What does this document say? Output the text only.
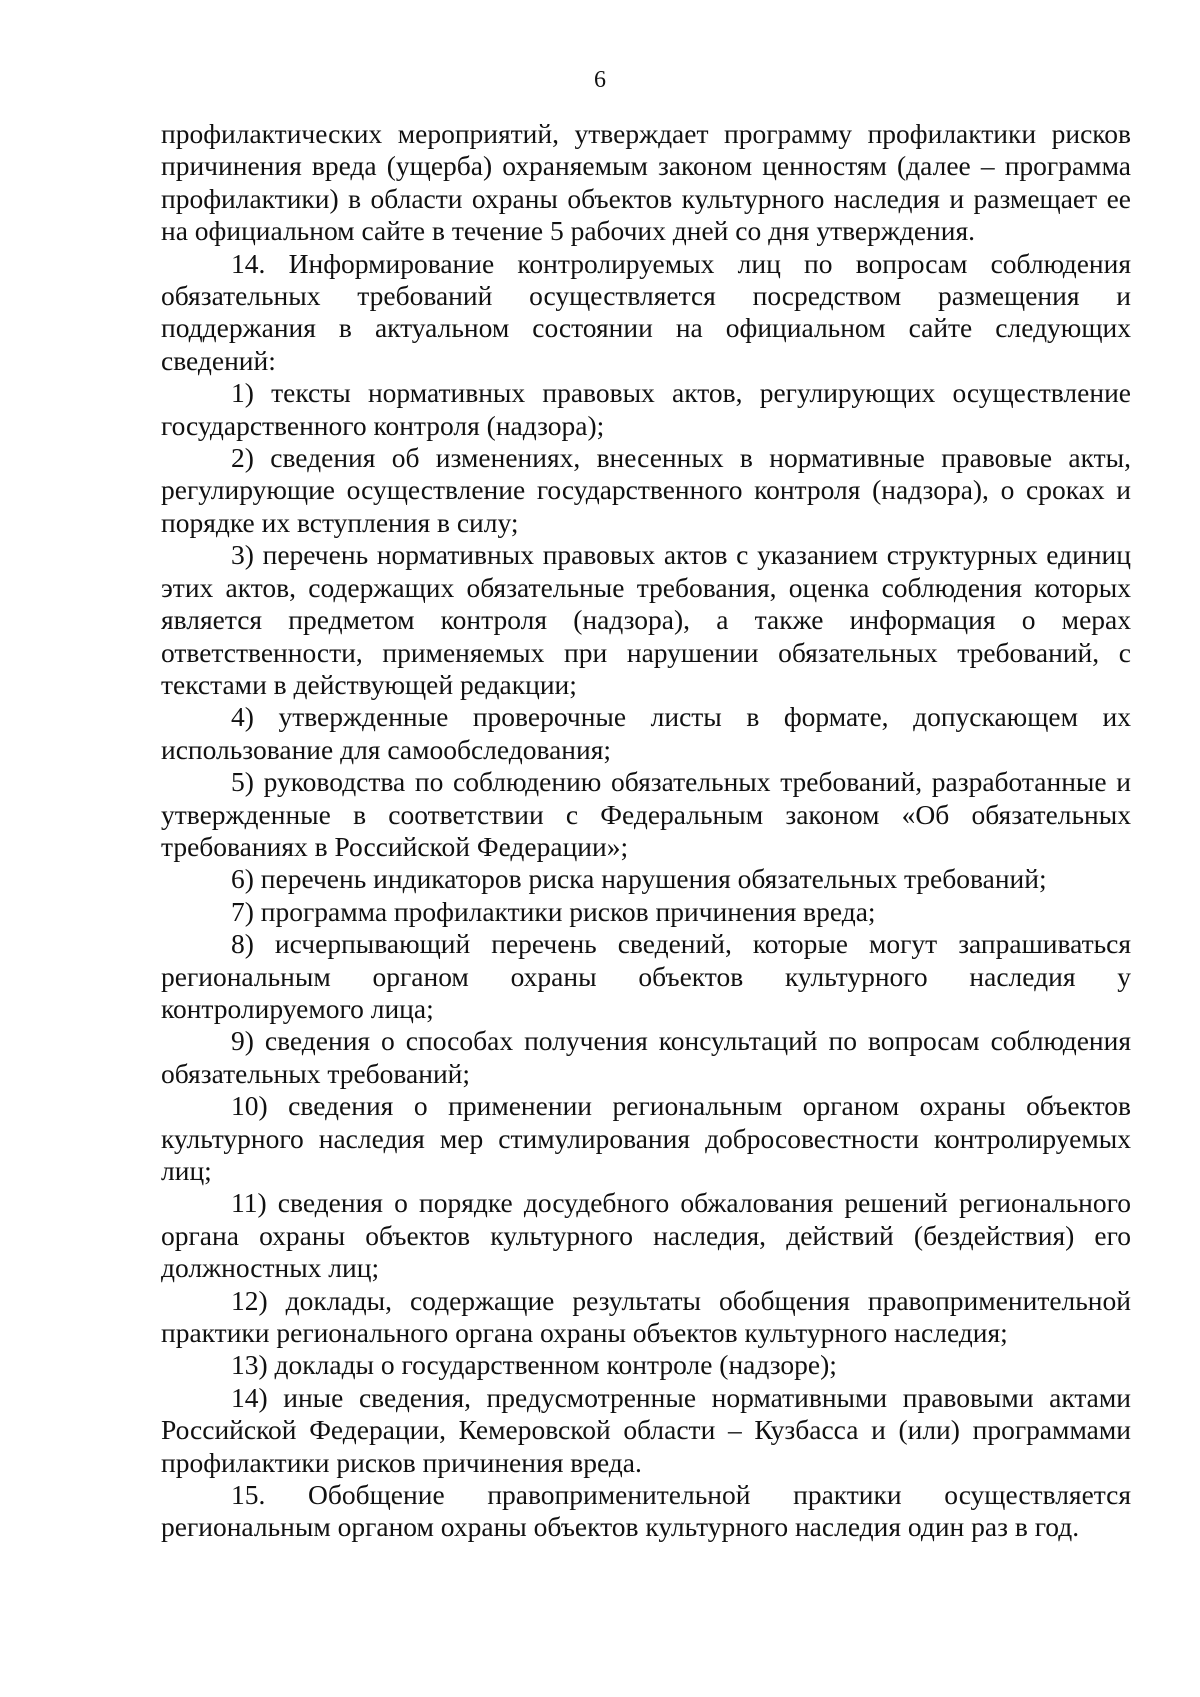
6

профилактических мероприятий, утверждает программу профилактики рисков причинения вреда (ущерба) охраняемым законом ценностям (далее – программа профилактики) в области охраны объектов культурного наследия и размещает ее на официальном сайте в течение 5 рабочих дней со дня утверждения.

14. Информирование контролируемых лиц по вопросам соблюдения обязательных требований осуществляется посредством размещения и поддержания в актуальном состоянии на официальном сайте следующих сведений:

1) тексты нормативных правовых актов, регулирующих осуществление государственного контроля (надзора);

2) сведения об изменениях, внесенных в нормативные правовые акты, регулирующие осуществление государственного контроля (надзора), о сроках и порядке их вступления в силу;

3) перечень нормативных правовых актов с указанием структурных единиц этих актов, содержащих обязательные требования, оценка соблюдения которых является предметом контроля (надзора), а также информация о мерах ответственности, применяемых при нарушении обязательных требований, с текстами в действующей редакции;

4) утвержденные проверочные листы в формате, допускающем их использование для самообследования;

5) руководства по соблюдению обязательных требований, разработанные и утвержденные в соответствии с Федеральным законом «Об обязательных требованиях в Российской Федерации»;

6) перечень индикаторов риска нарушения обязательных требований;

7) программа профилактики рисков причинения вреда;

8) исчерпывающий перечень сведений, которые могут запрашиваться региональным органом охраны объектов культурного наследия у контролируемого лица;

9) сведения о способах получения консультаций по вопросам соблюдения обязательных требований;

10) сведения о применении региональным органом охраны объектов культурного наследия мер стимулирования добросовестности контролируемых лиц;

11) сведения о порядке досудебного обжалования решений регионального органа охраны объектов культурного наследия, действий (бездействия) его должностных лиц;

12) доклады, содержащие результаты обобщения правоприменительной практики регионального органа охраны объектов культурного наследия;

13) доклады о государственном контроле (надзоре);

14) иные сведения, предусмотренные нормативными правовыми актами Российской Федерации, Кемеровской области – Кузбасса и (или) программами профилактики рисков причинения вреда.

15. Обобщение правоприменительной практики осуществляется региональным органом охраны объектов культурного наследия один раз в год.
